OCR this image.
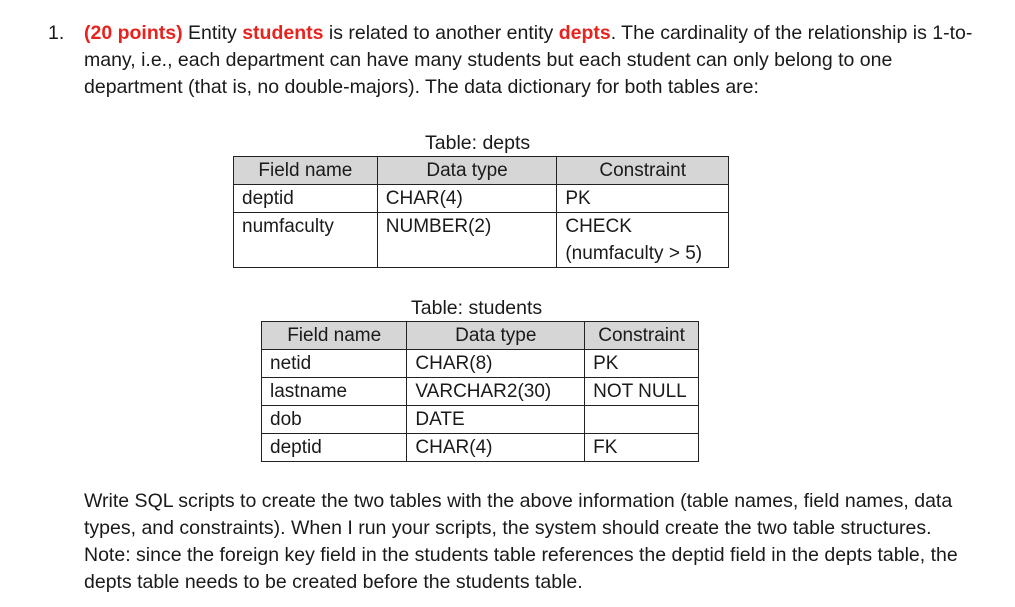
1. (20 points) Entity students is related to another entity depts. The cardinality of the relationship is 1-to-many, i.e., each department can have many students but each student can only belong to one department (that is, no double-majors). The data dictionary for both tables are:
Table: depts
Field name	Data type	Constraint
deptid	CHAR(4)	PK
numfaculty	NUMBER(2)	CHECK (numfaculty > 5)
Table: students
Field name	Data type	Constraint
netid	CHAR(8)	PK
lastname	VARCHAR2(30)	NOT NULL
dob	DATE	
deptid	CHAR(4)	FK
Write SQL scripts to create the two tables with the above information (table names, field names, data types, and constraints). When I run your scripts, the system should create the two table structures. Note: since the foreign key field in the students table references the deptid field in the depts table, the depts table needs to be created before the students table.
